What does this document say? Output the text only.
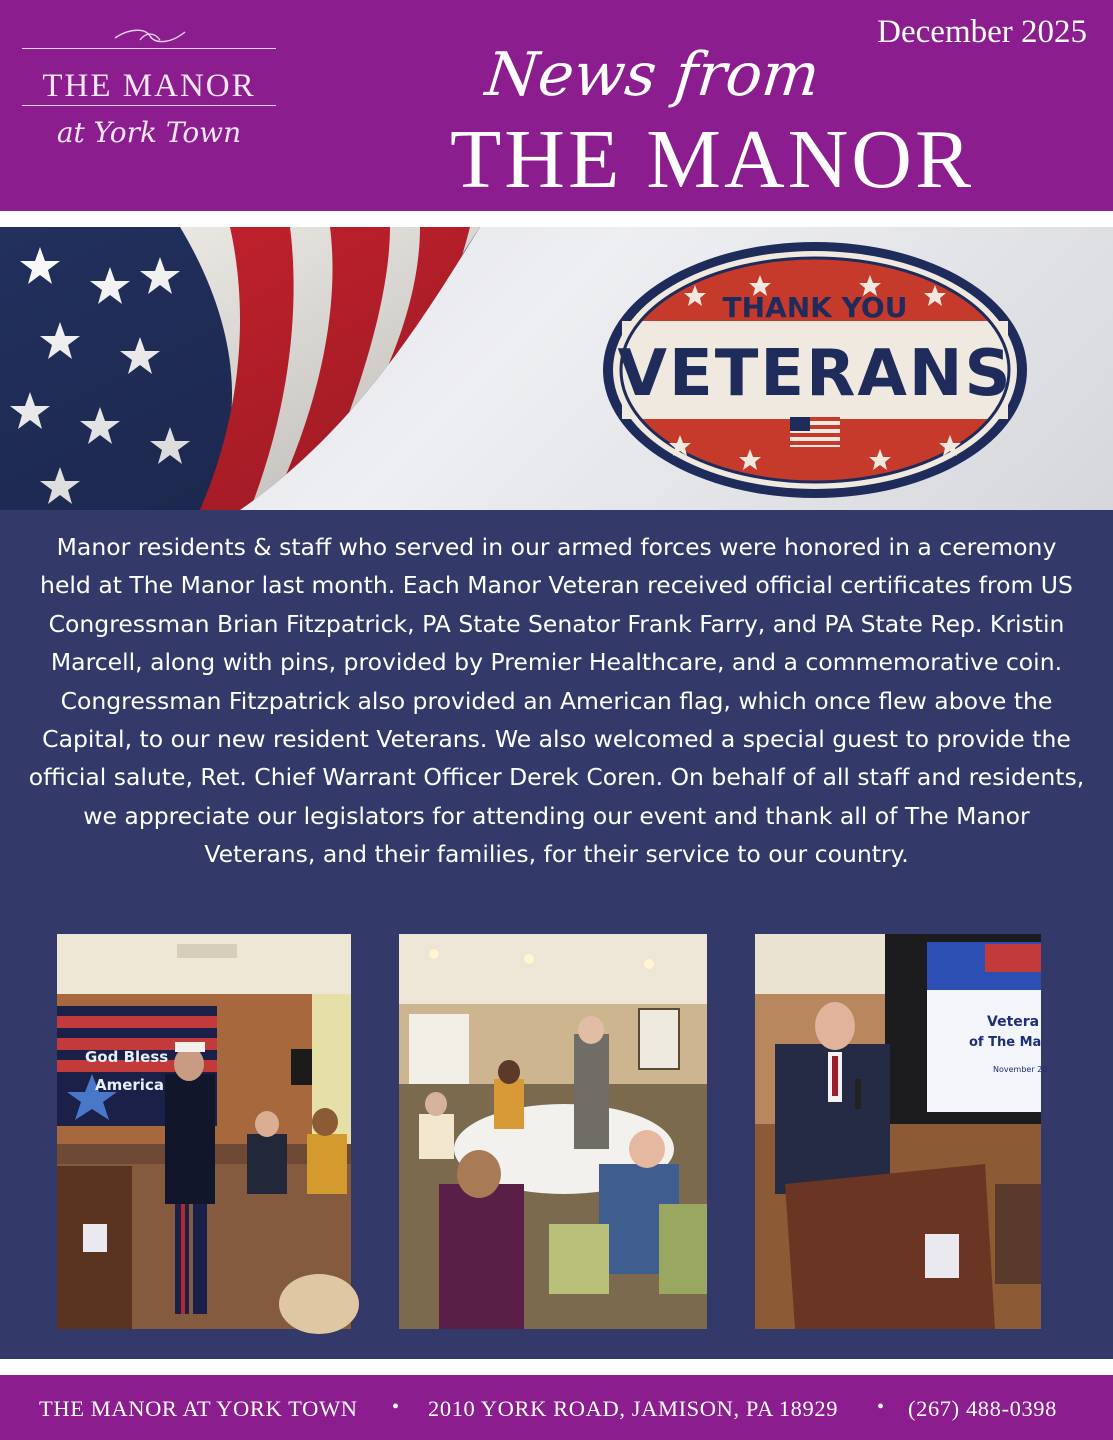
THE MANOR
at York Town
December 2025
News from
THE MANOR
THANK YOU
VETERANS

Manor residents & staff who served in our armed forces were honored in a ceremony held at The Manor last month. Each Manor Veteran received official certificates from US Congressman Brian Fitzpatrick, PA State Senator Frank Farry, and PA State Rep. Kristin Marcell, along with pins, provided by Premier Healthcare, and a commemorative coin. Congressman Fitzpatrick also provided an American flag, which once flew above the Capital, to our new resident Veterans. We also welcomed a special guest to provide the official salute, Ret. Chief Warrant Officer Derek Coren. On behalf of all staff and residents, we appreciate our legislators for attending our event and thank all of The Manor Veterans, and their families, for their service to our country.

God Bless
America
Vetera
of The Ma
November 20
THE MANOR AT YORK TOWN • 2010 YORK ROAD, JAMISON, PA 18929 • (267) 488-0398
